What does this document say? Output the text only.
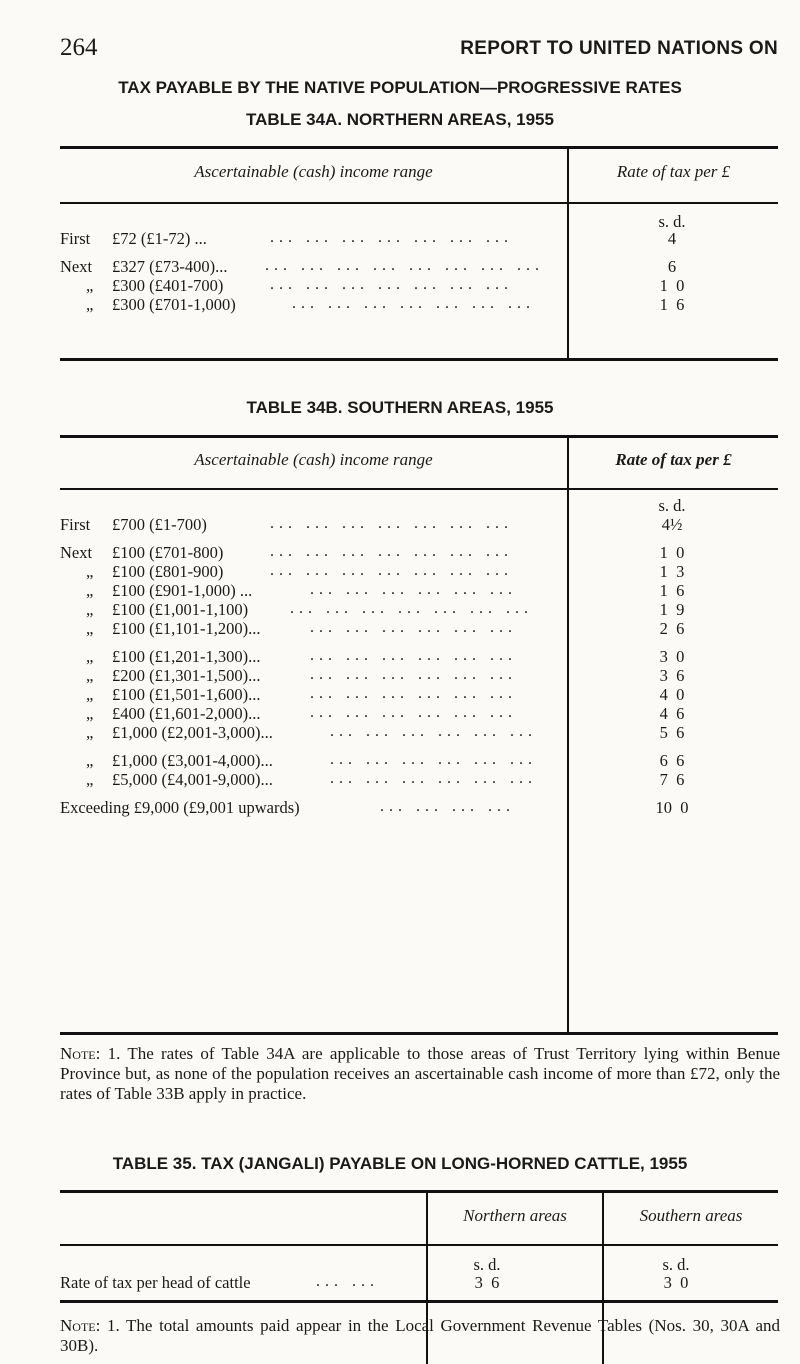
264	REPORT TO UNITED NATIONS ON
TAX PAYABLE BY THE NATIVE POPULATION—PROGRESSIVE RATES
TABLE 34A. NORTHERN AREAS, 1955
Ascertainable (cash) income range	Rate of tax per £
s. d.
First £72 (£1-72) ...	... ... ... ... ... ... ...	4
Next £327 (£73-400)... ... ... ... ... ... ... ... ...	6
„ £300 (£401-700)	... ... ... ... ... ... ...	1  0
„ £300 (£701-1,000)	... ... ... ... ... ... ...	1  6
TABLE 34B. SOUTHERN AREAS, 1955
Ascertainable (cash) income range	Rate of tax per £
s. d.
First £700 (£1-700)	... ... ... ... ... ... ...	4½
Next £100 (£701-800)	... ... ... ... ... ... ...	1  0
„ £100 (£801-900)	... ... ... ... ... ... ...	1  3
„ £100 (£901-1,000) ...	... ... ... ... ... ...	1  6
„ £100 (£1,001-1,100)	... ... ... ... ... ... ...	1  9
„ £100 (£1,101-1,200)...	... ... ... ... ... ...	2  6
„ £100 (£1,201-1,300)...	... ... ... ... ... ...	3  0
„ £200 (£1,301-1,500)...	... ... ... ... ... ...	3  6
„ £100 (£1,501-1,600)...	... ... ... ... ... ...	4  0
„ £400 (£1,601-2,000)...	... ... ... ... ... ...	4  6
„ £1,000 (£2,001-3,000)...	... ... ... ... ... ...	5  6
„ £1,000 (£3,001-4,000)...	... ... ... ... ... ...	6  6
„ £5,000 (£4,001-9,000)...	... ... ... ... ... ...	7  6
Exceeding £9,000 (£9,001 upwards)	... ... ... ...	10  0
Note: 1. The rates of Table 34A are applicable to those areas of Trust Territory lying within Benue Province but, as none of the population receives an ascertainable cash income of more than £72, only the rates of Table 33B apply in practice.
TABLE 35. TAX (JANGALI) PAYABLE ON LONG-HORNED CATTLE, 1955
Northern areas	Southern areas
s. d.	s. d.
Rate of tax per head of cattle	... ...	3  6	3  0
Note: 1. The total amounts paid appear in the Local Government Revenue Tables (Nos. 30, 30A and 30B).
